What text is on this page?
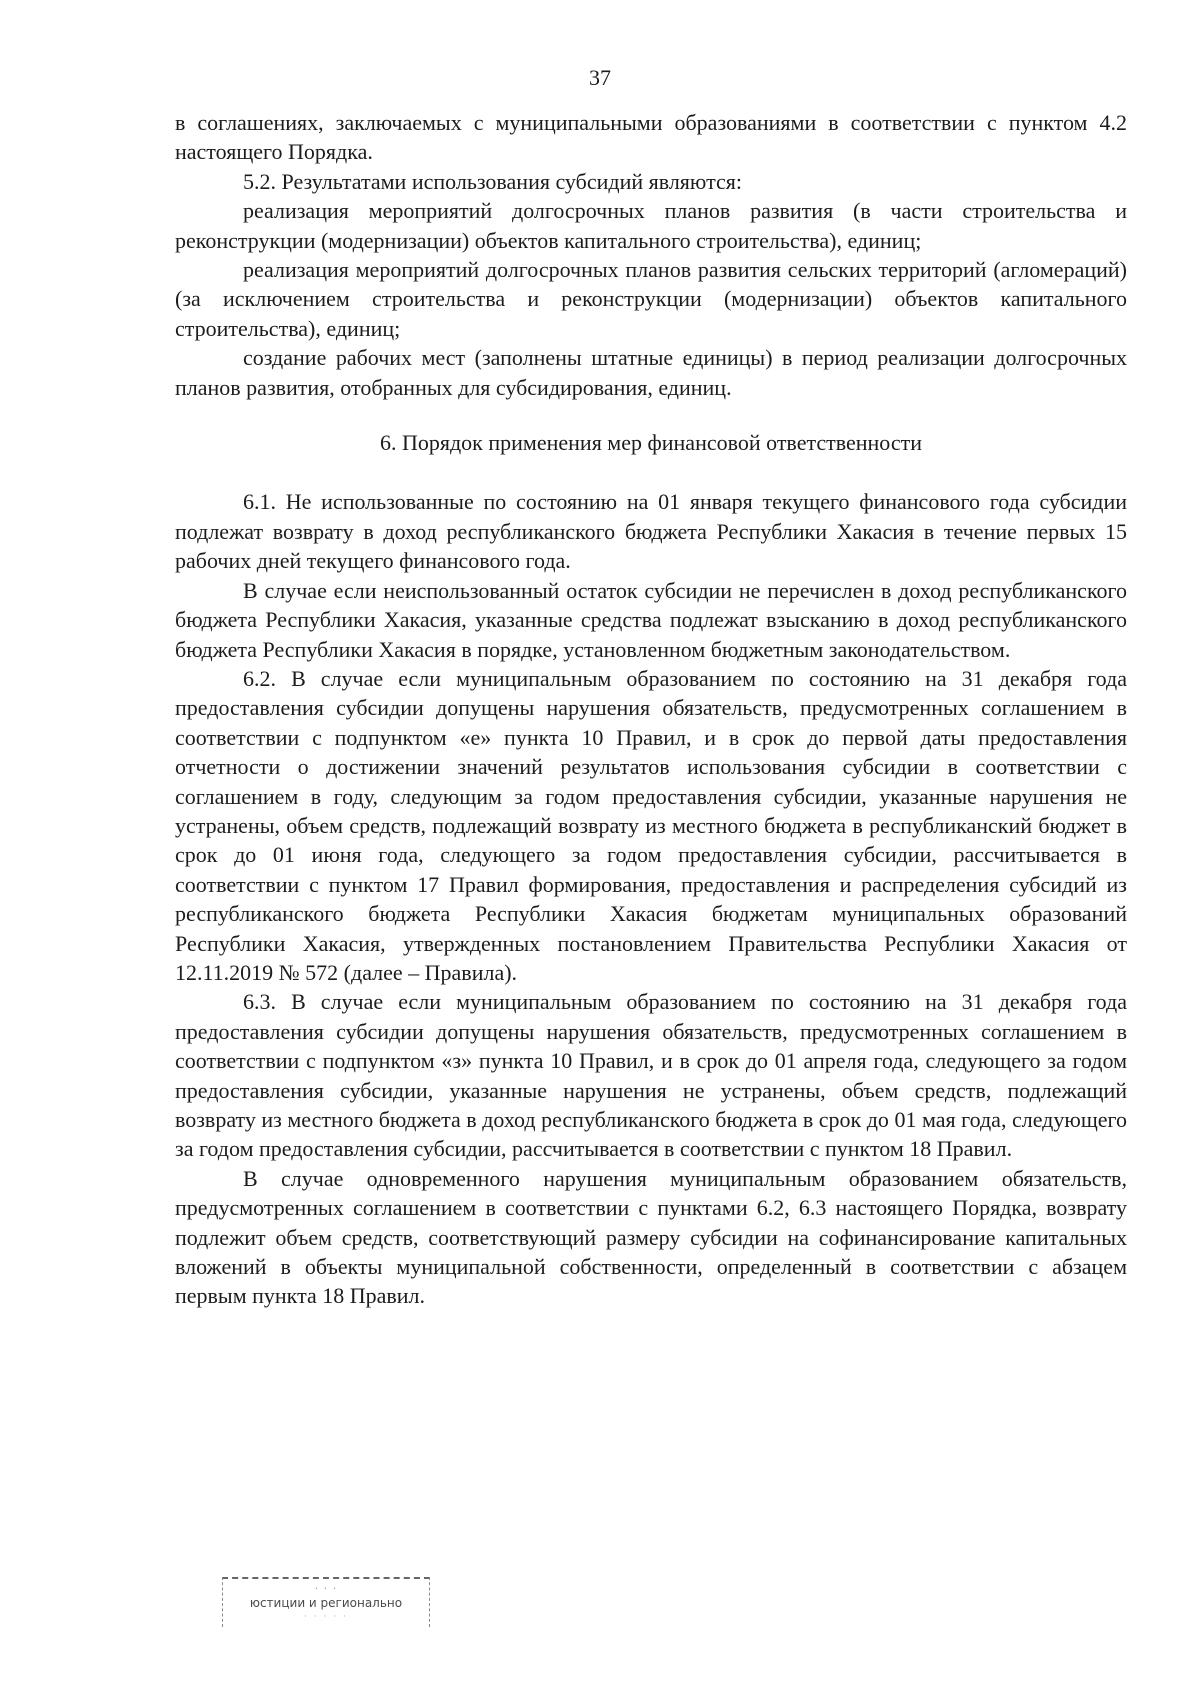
37

в соглашениях, заключаемых с муниципальными образованиями в соответствии с пунктом 4.2 настоящего Порядка.

5.2. Результатами использования субсидий являются:

реализация мероприятий долгосрочных планов развития (в части строительства и реконструкции (модернизации) объектов капитального строительства), единиц;

реализация мероприятий долгосрочных планов развития сельских территорий (агломераций) (за исключением строительства и реконструкции (модернизации) объектов капитального строительства), единиц;

создание рабочих мест (заполнены штатные единицы) в период реализации долгосрочных планов развития, отобранных для субсидирования, единиц.

6. Порядок применения мер финансовой ответственности

6.1. Не использованные по состоянию на 01 января текущего финансового года субсидии подлежат возврату в доход республиканского бюджета Республики Хакасия в течение первых 15 рабочих дней текущего финансового года.

В случае если неиспользованный остаток субсидии не перечислен в доход республиканского бюджета Республики Хакасия, указанные средства подлежат взысканию в доход республиканского бюджета Республики Хакасия в порядке, установленном бюджетным законодательством.

6.2. В случае если муниципальным образованием по состоянию на 31 декабря года предоставления субсидии допущены нарушения обязательств, предусмотренных соглашением в соответствии с подпунктом «е» пункта 10 Правил, и в срок до первой даты предоставления отчетности о достижении значений результатов использования субсидии в соответствии с соглашением в году, следующим за годом предоставления субсидии, указанные нарушения не устранены, объем средств, подлежащий возврату из местного бюджета в республиканский бюджет в срок до 01 июня года, следующего за годом предоставления субсидии, рассчитывается в соответствии с пунктом 17 Правил формирования, предоставления и распределения субсидий из республиканского бюджета Республики Хакасия бюджетам муниципальных образований Республики Хакасия, утвержденных постановлением Правительства Республики Хакасия от 12.11.2019 № 572 (далее – Правила).

6.3. В случае если муниципальным образованием по состоянию на 31 декабря года предоставления субсидии допущены нарушения обязательств, предусмотренных соглашением в соответствии с подпунктом «з» пункта 10 Правил, и в срок до 01 апреля года, следующего за годом предоставления субсидии, указанные нарушения не устранены, объем средств, подлежащий возврату из местного бюджета в доход республиканского бюджета в срок до 01 мая года, следующего за годом предоставления субсидии, рассчитывается в соответствии с пунктом 18 Правил.

В случае одновременного нарушения муниципальным образованием обязательств, предусмотренных соглашением в соответствии с пунктами 6.2, 6.3 настоящего Порядка, возврату подлежит объем средств, соответствующий размеру субсидии на софинансирование капитальных вложений в объекты муниципальной собственности, определенный в соответствии с абзацем первым пункта 18 Правил.

· · ·
юстиции и регионально
· · · · ·
